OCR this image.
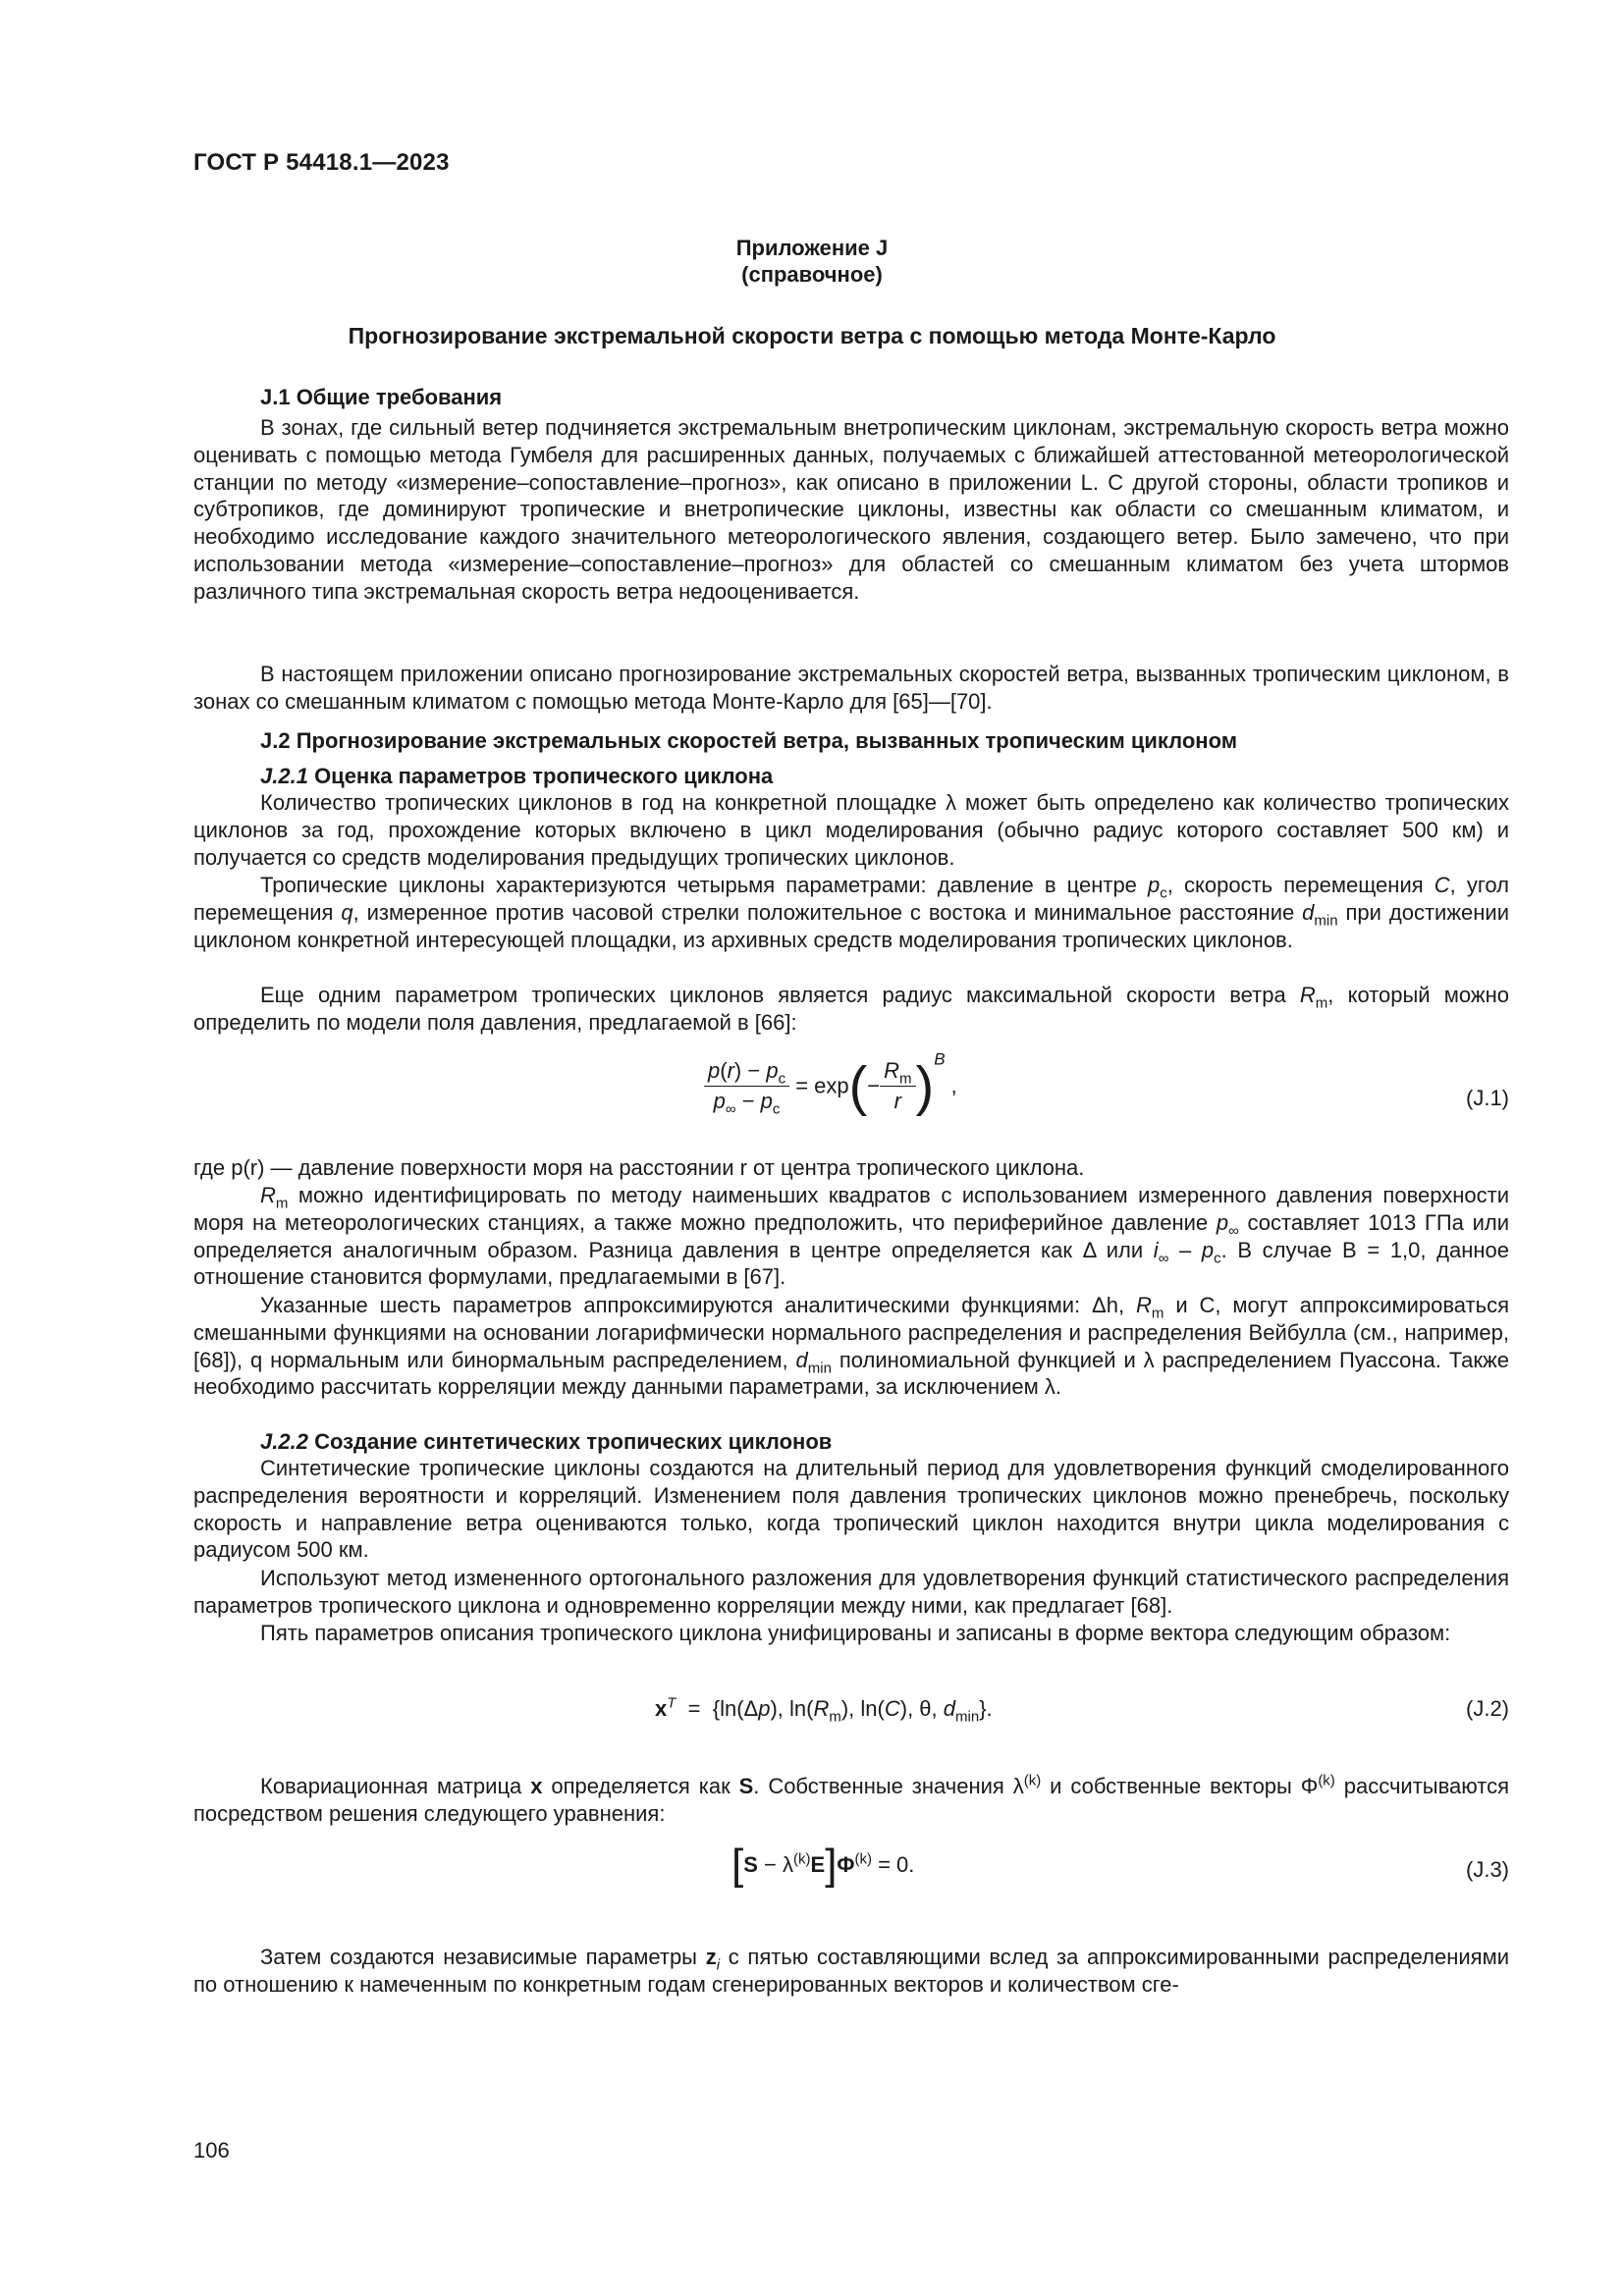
ГОСТ Р 54418.1—2023
Приложение J
(справочное)
Прогнозирование экстремальной скорости ветра с помощью метода Монте-Карло
J.1 Общие требования
В зонах, где сильный ветер подчиняется экстремальным внетропическим циклонам, экстремальную скорость ветра можно оценивать с помощью метода Гумбеля для расширенных данных, получаемых с ближайшей аттестованной метеорологической станции по методу «измерение–сопоставление–прогноз», как описано в приложении L. С другой стороны, области тропиков и субтропиков, где доминируют тропические и внетропические циклоны, известны как области со смешанным климатом, и необходимо исследование каждого значительного метеорологического явления, создающего ветер. Было замечено, что при использовании метода «измерение–сопоставление–прогноз» для областей со смешанным климатом без учета штормов различного типа экстремальная скорость ветра недооценивается.
В настоящем приложении описано прогнозирование экстремальных скоростей ветра, вызванных тропическим циклоном, в зонах со смешанным климатом с помощью метода Монте-Карло для [65]—[70].
J.2 Прогнозирование экстремальных скоростей ветра, вызванных тропическим циклоном
J.2.1 Оценка параметров тропического циклона
Количество тропических циклонов в год на конкретной площадке λ может быть определено как количество тропических циклонов за год, прохождение которых включено в цикл моделирования (обычно радиус которого составляет 500 км) и получается со средств моделирования предыдущих тропических циклонов.
Тропические циклоны характеризуются четырьмя параметрами: давление в центре $p_c$, скорость перемещения C, угол перемещения q, измеренное против часовой стрелки положительное с востока и минимальное расстояние $d_{min}$ при достижении циклоном конкретной интересующей площадки, из архивных средств моделирования тропических циклонов.
Еще одним параметром тропических циклонов является радиус максимальной скорости ветра $R_m$, который можно определить по модели поля давления, предлагаемой в [66]:
$\frac{p(r) - p_c}{p_\infty - p_c} = \exp(- \frac{R_m}{r} )^B$ ,	(J.1)
где p(r) — давление поверхности моря на расстоянии r от центра тропического циклона.
$R_m$ можно идентифицировать по методу наименьших квадратов с использованием измеренного давления поверхности моря на метеорологических станциях, а также можно предположить, что периферийное давление $p_\infty$ составляет 1013 ГПа или определяется аналогичным образом. Разница давления в центре определяется как Δ или $i_\infty - p_c$. В случае B = 1,0, данное отношение становится формулами, предлагаемыми в [67].
Указанные шесть параметров аппроксимируются аналитическими функциями: Δh, $R_m$ и C, могут аппроксимироваться смешанными функциями на основании логарифмически нормального распределения и распределения Вейбулла (см., например, [68]), q нормальным или бинормальным распределением, $d_{min}$ полиномиальной функцией и λ распределением Пуассона. Также необходимо рассчитать корреляции между данными параметрами, за исключением λ.
J.2.2 Создание синтетических тропических циклонов
Синтетические тропические циклоны создаются на длительный период для удовлетворения функций смоделированного распределения вероятности и корреляций. Изменением поля давления тропических циклонов можно пренебречь, поскольку скорость и направление ветра оцениваются только, когда тропический циклон находится внутри цикла моделирования с радиусом 500 км.
Используют метод измененного ортогонального разложения для удовлетворения функций статистического распределения параметров тропического циклона и одновременно корреляции между ними, как предлагает [68].
Пять параметров описания тропического циклона унифицированы и записаны в форме вектора следующим образом:
$x^T = \{\ln(\Delta p)$, $\ln(R_m)$, ln(C), θ, $d_{min}$}.	(J.2)
Ковариационная матрица x определяется как S. Собственные значения $\lambda^{(k)}$ и собственные векторы $\Phi^{(k)}$ рассчитываются посредством решения следующего уравнения:
$[S - \lambda^{(k)}E]\Phi^{(k)} = 0$.	(J.3)
Затем создаются независимые параметры $z_i$ с пятью составляющими вслед за аппроксимированными распределениями по отношению к намеченным по конкретным годам сгенерированных векторов и количеством сге-
106
